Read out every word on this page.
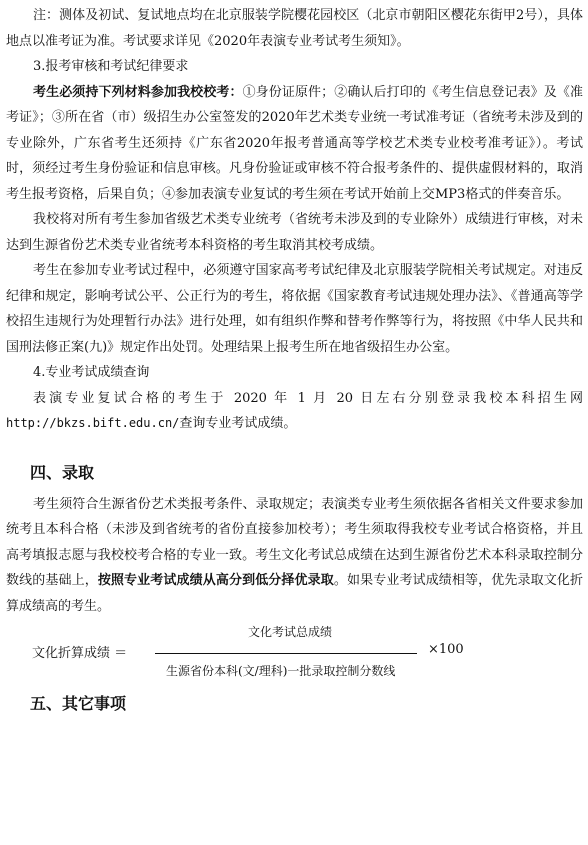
注：测体及初试、复试地点均在北京服装学院樱花园校区（北京市朝阳区樱花东街甲2号），具体地点以准考证为准。考试要求详见《2020年表演专业考试考生须知》。

3.报考审核和考试纪律要求

考生必须持下列材料参加我校校考：①身份证原件；②确认后打印的《考生信息登记表》及《准考证》；③所在省（市）级招生办公室签发的2020年艺术类专业统一考试准考证（省统考未涉及到的专业除外，广东省考生还须持《广东省2020年报考普通高等学校艺术类专业校考准考证》）。考试时，须经过考生身份验证和信息审核。凡身份验证或审核不符合报考条件的、提供虚假材料的，取消考生报考资格，后果自负；④参加表演专业复试的考生须在考试开始前上交MP3格式的伴奏音乐。

我校将对所有考生参加省级艺术类专业统考（省统考未涉及到的专业除外）成绩进行审核，对未达到生源省份艺术类专业省统考本科资格的考生取消其校考成绩。

考生在参加专业考试过程中，必须遵守国家高考考试纪律及北京服装学院相关考试规定。对违反纪律和规定，影响考试公平、公正行为的考生，将依据《国家教育考试违规处理办法》、《普通高等学校招生违规行为处理暂行办法》进行处理，如有组织作弊和替考作弊等行为，将按照《中华人民共和国刑法修正案(九)》规定作出处罚。处理结果上报考生所在地省级招生办公室。

4.专业考试成绩查询

表演专业复试合格的考生于 2020 年 1 月 20 日左右分别登录我校本科招生网http://bkzs.bift.edu.cn/查询专业考试成绩。

四、录取

考生须符合生源省份艺术类报考条件、录取规定；表演类专业考生须依据各省相关文件要求参加统考且本科合格（未涉及到省统考的省份直接参加校考）；考生须取得我校专业考试合格资格，并且高考填报志愿与我校校考合格的专业一致。考生文化考试总成绩在达到生源省份艺术本科录取控制分数线的基础上，按照专业考试成绩从高分到低分择优录取。如果专业考试成绩相等，优先录取文化折算成绩高的考生。

文化折算成绩 ＝
文化考试总成绩
生源省份本科(文/理科)一批录取控制分数线
×100
五、其它事项
